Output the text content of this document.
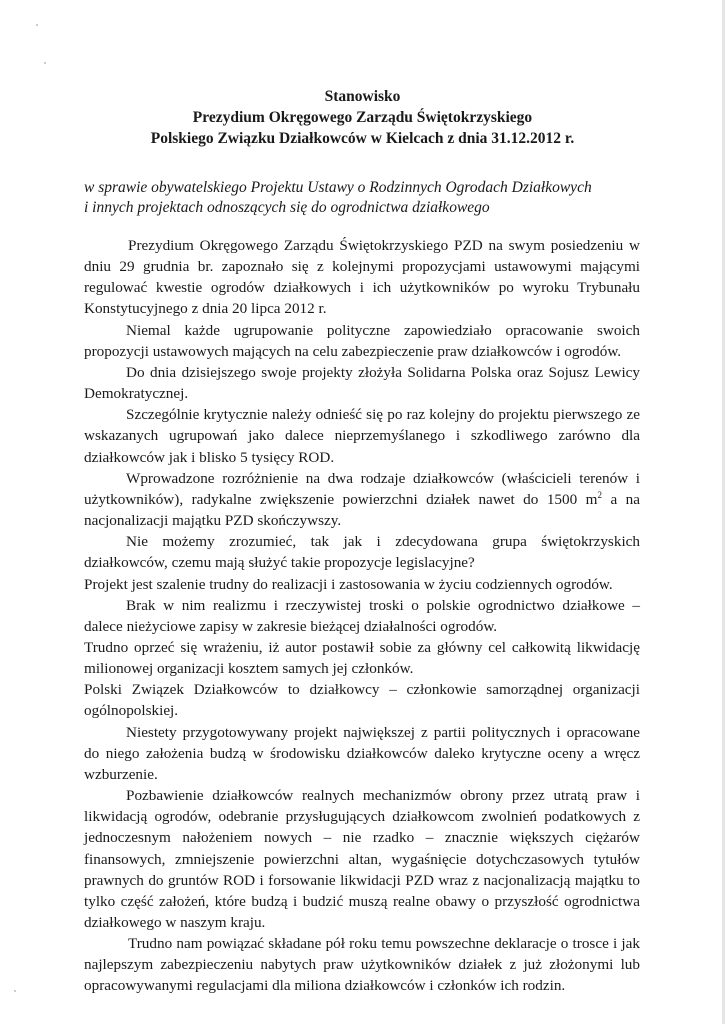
Stanowisko
Prezydium Okręgowego Zarządu Świętokrzyskiego
Polskiego Związku Działkowców w Kielcach z dnia 31.12.2012 r.
w sprawie obywatelskiego Projektu Ustawy o Rodzinnych Ogrodach Działkowych
i innych projektach odnoszących się do ogrodnictwa działkowego

Prezydium Okręgowego Zarządu Świętokrzyskiego PZD na swym posiedzeniu w dniu 29 grudnia br. zapoznało się z kolejnymi propozycjami ustawowymi mającymi regulować kwestie ogrodów działkowych i ich użytkowników po wyroku Trybunału Konstytucyjnego z dnia 20 lipca 2012 r.

Niemal każde ugrupowanie polityczne zapowiedziało opracowanie swoich propozycji ustawowych mających na celu zabezpieczenie praw działkowców i ogrodów.

Do dnia dzisiejszego swoje projekty złożyła Solidarna Polska oraz Sojusz Lewicy Demokratycznej.

Szczególnie krytycznie należy odnieść się po raz kolejny do projektu pierwszego ze wskazanych ugrupowań jako dalece nieprzemyślanego i szkodliwego zarówno dla działkowców jak i blisko 5 tysięcy ROD.

Wprowadzone rozróżnienie na dwa rodzaje działkowców (właścicieli terenów i użytkowników), radykalne zwiększenie powierzchni działek nawet do 1500 $m^2$ a na nacjonalizacji majątku PZD skończywszy.

Nie możemy zrozumieć, tak jak i zdecydowana grupa świętokrzyskich działkowców, czemu mają służyć takie propozycje legislacyjne?

Projekt jest szalenie trudny do realizacji i zastosowania w życiu codziennych ogrodów.

Brak w nim realizmu i rzeczywistej troski o polskie ogrodnictwo działkowe – dalece nieżyciowe zapisy w zakresie bieżącej działalności ogrodów.

Trudno oprzeć się wrażeniu, iż autor postawił sobie za główny cel całkowitą likwidację milionowej organizacji kosztem samych jej członków.

Polski Związek Działkowców to działkowcy – członkowie samorządnej organizacji ogólnopolskiej.

Niestety przygotowywany projekt największej z partii politycznych i opracowane do niego założenia budzą w środowisku działkowców daleko krytyczne oceny a wręcz wzburzenie.

Pozbawienie działkowców realnych mechanizmów obrony przez utratą praw i likwidacją ogrodów, odebranie przysługujących działkowcom zwolnień podatkowych z jednoczesnym nałożeniem nowych – nie rzadko – znacznie większych ciężarów finansowych, zmniejszenie powierzchni altan, wygaśnięcie dotychczasowych tytułów prawnych do gruntów ROD i forsowanie likwidacji PZD wraz z nacjonalizacją majątku to tylko część założeń, które budzą i budzić muszą realne obawy o przyszłość ogrodnictwa działkowego w naszym kraju.

Trudno nam powiązać składane pół roku temu powszechne deklaracje o trosce i jak najlepszym zabezpieczeniu nabytych praw użytkowników działek z już złożonymi lub opracowywanymi regulacjami dla miliona działkowców i członków ich rodzin.
